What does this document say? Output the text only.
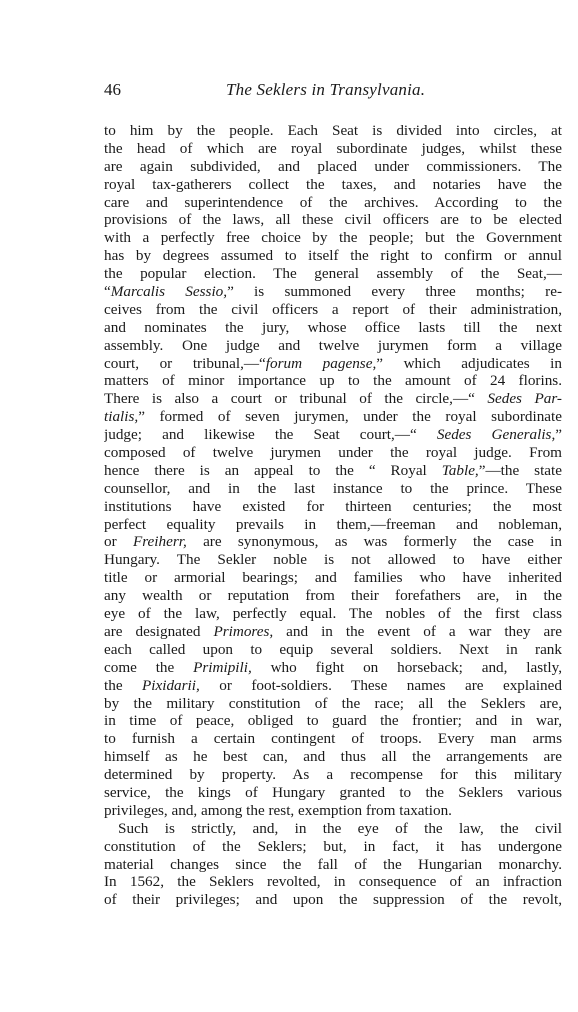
46	The Seklers in Transylvania.
to him by the people. Each Seat is divided into circles, at
the head of which are royal subordinate judges, whilst these
are again subdivided, and placed under commissioners. The
royal tax-gatherers collect the taxes, and notaries have the
care and superintendence of the archives. According to the
provisions of the laws, all these civil officers are to be elected
with a perfectly free choice by the people; but the Government
has by degrees assumed to itself the right to confirm or annul
the popular election. The general assembly of the Seat,—
“Marcalis Sessio,” is summoned every three months; re-
ceives from the civil officers a report of their administration,
and nominates the jury, whose office lasts till the next
assembly. One judge and twelve jurymen form a village
court, or tribunal,—“forum pagense,” which adjudicates in
matters of minor importance up to the amount of 24 florins.
There is also a court or tribunal of the circle,—“ Sedes Par-
tialis,” formed of seven jurymen, under the royal subordinate
judge; and likewise the Seat court,—“ Sedes Generalis,”
composed of twelve jurymen under the royal judge. From
hence there is an appeal to the “ Royal Table,”—the state
counsellor, and in the last instance to the prince. These
institutions have existed for thirteen centuries; the most
perfect equality prevails in them,—freeman and nobleman,
or Freiherr, are synonymous, as was formerly the case in
Hungary. The Sekler noble is not allowed to have either
title or armorial bearings; and families who have inherited
any wealth or reputation from their forefathers are, in the
eye of the law, perfectly equal. The nobles of the first class
are designated Primores, and in the event of a war they are
each called upon to equip several soldiers. Next in rank
come the Primipili, who fight on horseback; and, lastly,
the Pixidarii, or foot-soldiers. These names are explained
by the military constitution of the race; all the Seklers are,
in time of peace, obliged to guard the frontier; and in war,
to furnish a certain contingent of troops. Every man arms
himself as he best can, and thus all the arrangements are
determined by property. As a recompense for this military
service, the kings of Hungary granted to the Seklers various
privileges, and, among the rest, exemption from taxation.
Such is strictly, and, in the eye of the law, the civil
constitution of the Seklers; but, in fact, it has undergone
material changes since the fall of the Hungarian monarchy.
In 1562, the Seklers revolted, in consequence of an infraction
of their privileges; and upon the suppression of the revolt,
